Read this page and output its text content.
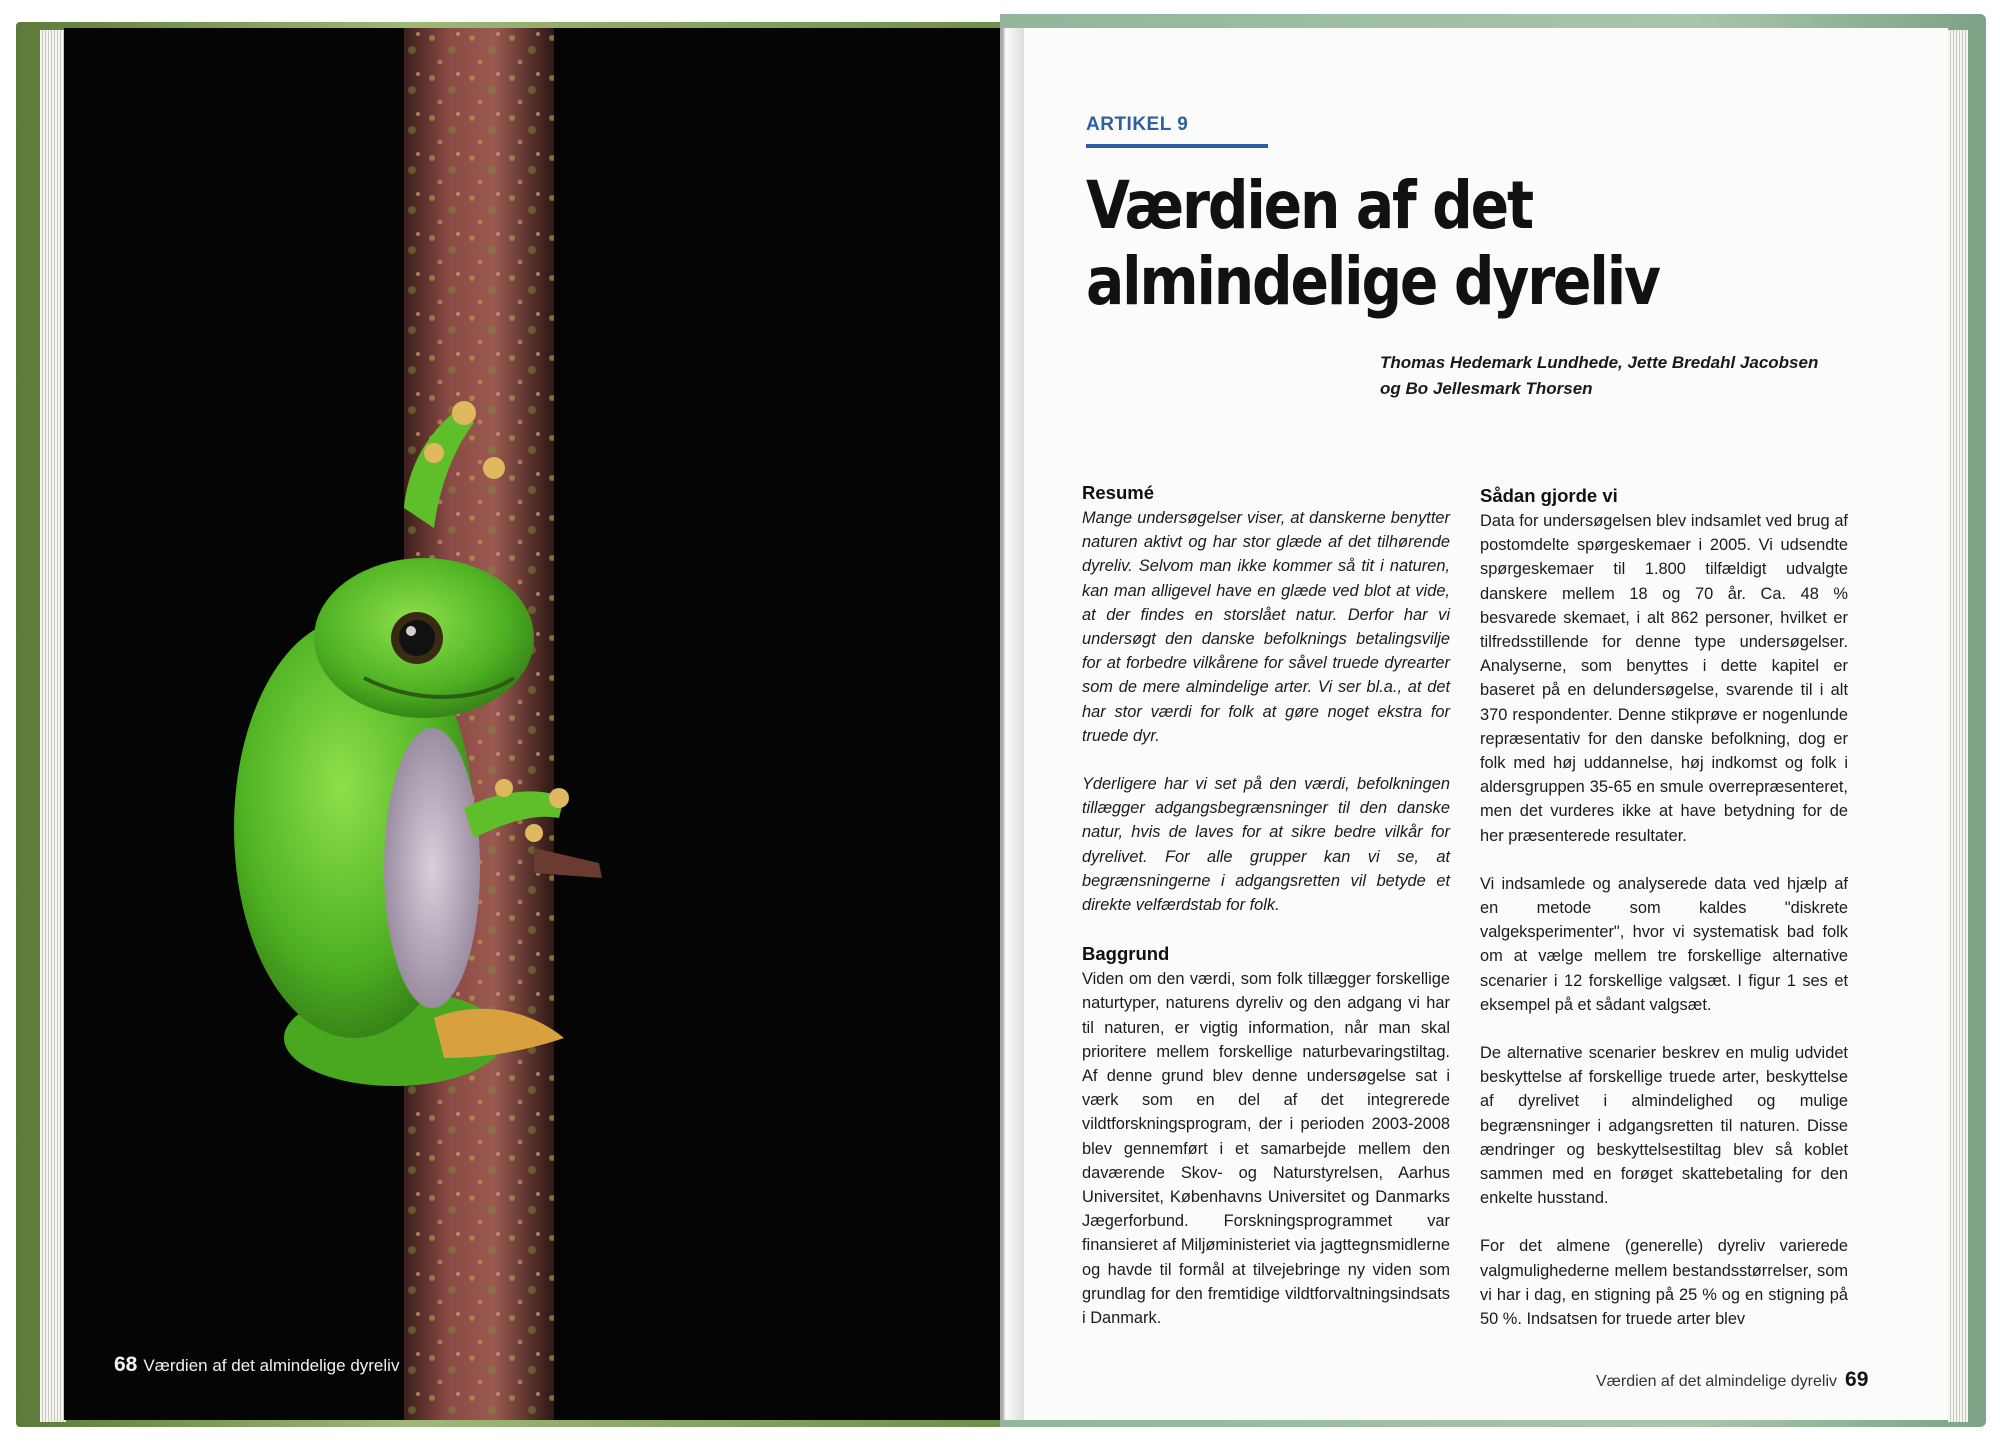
68 Værdien af det almindelige dyreliv
ARTIKEL 9
Værdien af det
almindelige dyreliv
Thomas Hedemark Lundhede, Jette Bredahl Jacobsen
og Bo Jellesmark Thorsen
Resumé

Mange undersøgelser viser, at danskerne benytter naturen aktivt og har stor glæde af det tilhørende dyreliv. Selvom man ikke kommer så tit i naturen, kan man alligevel have en glæde ved blot at vide, at der findes en storslået natur. Derfor har vi undersøgt den danske befolknings betalingsvilje for at forbedre vilkårene for såvel truede dyrearter som de mere almindelige arter. Vi ser bl.a., at det har stor værdi for folk at gøre noget ekstra for truede dyr.

Yderligere har vi set på den værdi, befolkningen tillægger adgangsbegrænsninger til den danske natur, hvis de laves for at sikre bedre vilkår for dyrelivet. For alle grupper kan vi se, at begrænsningerne i adgangsretten vil betyde et direkte velfærdstab for folk.

Baggrund

Viden om den værdi, som folk tillægger forskellige naturtyper, naturens dyreliv og den adgang vi har til naturen, er vigtig information, når man skal prioritere mellem forskellige naturbevaringstiltag. Af denne grund blev denne undersøgelse sat i værk som en del af det integrerede vildtforskningsprogram, der i perioden 2003-2008 blev gennemført i et samarbejde mellem den daværende Skov- og Naturstyrelsen, Aarhus Universitet, Københavns Universitet og Danmarks Jægerforbund. Forskningsprogrammet var finansieret af Miljøministeriet via jagttegnsmidlerne og havde til formål at tilvejebringe ny viden som grundlag for den fremtidige vildtforvaltningsindsats i Danmark.

Sådan gjorde vi

Data for undersøgelsen blev indsamlet ved brug af postomdelte spørgeskemaer i 2005. Vi udsendte spørgeskemaer til 1.800 tilfældigt udvalgte danskere mellem 18 og 70 år. Ca. 48 % besvarede skemaet, i alt 862 personer, hvilket er tilfredsstillende for denne type undersøgelser. Analyserne, som benyttes i dette kapitel er baseret på en delundersøgelse, svarende til i alt 370 respondenter. Denne stikprøve er nogenlunde repræsentativ for den danske befolkning, dog er folk med høj uddannelse, høj indkomst og folk i aldersgruppen 35-65 en smule overrepræsenteret, men det vurderes ikke at have betydning for de her præsenterede resultater.

Vi indsamlede og analyserede data ved hjælp af en metode som kaldes "diskrete valgeksperimenter", hvor vi systematisk bad folk om at vælge mellem tre forskellige alternative scenarier i 12 forskellige valgsæt. I figur 1 ses et eksempel på et sådant valgsæt.

De alternative scenarier beskrev en mulig udvidet beskyttelse af forskellige truede arter, beskyttelse af dyrelivet i almindelighed og mulige begrænsninger i adgangsretten til naturen. Disse ændringer og beskyttelsestiltag blev så koblet sammen med en forøget skattebetaling for den enkelte husstand.

For det almene (generelle) dyreliv varierede valgmulighederne mellem bestandsstørrelser, som vi har i dag, en stigning på 25 % og en stigning på 50 %. Indsatsen for truede arter blev

Værdien af det almindelige dyreliv 69
